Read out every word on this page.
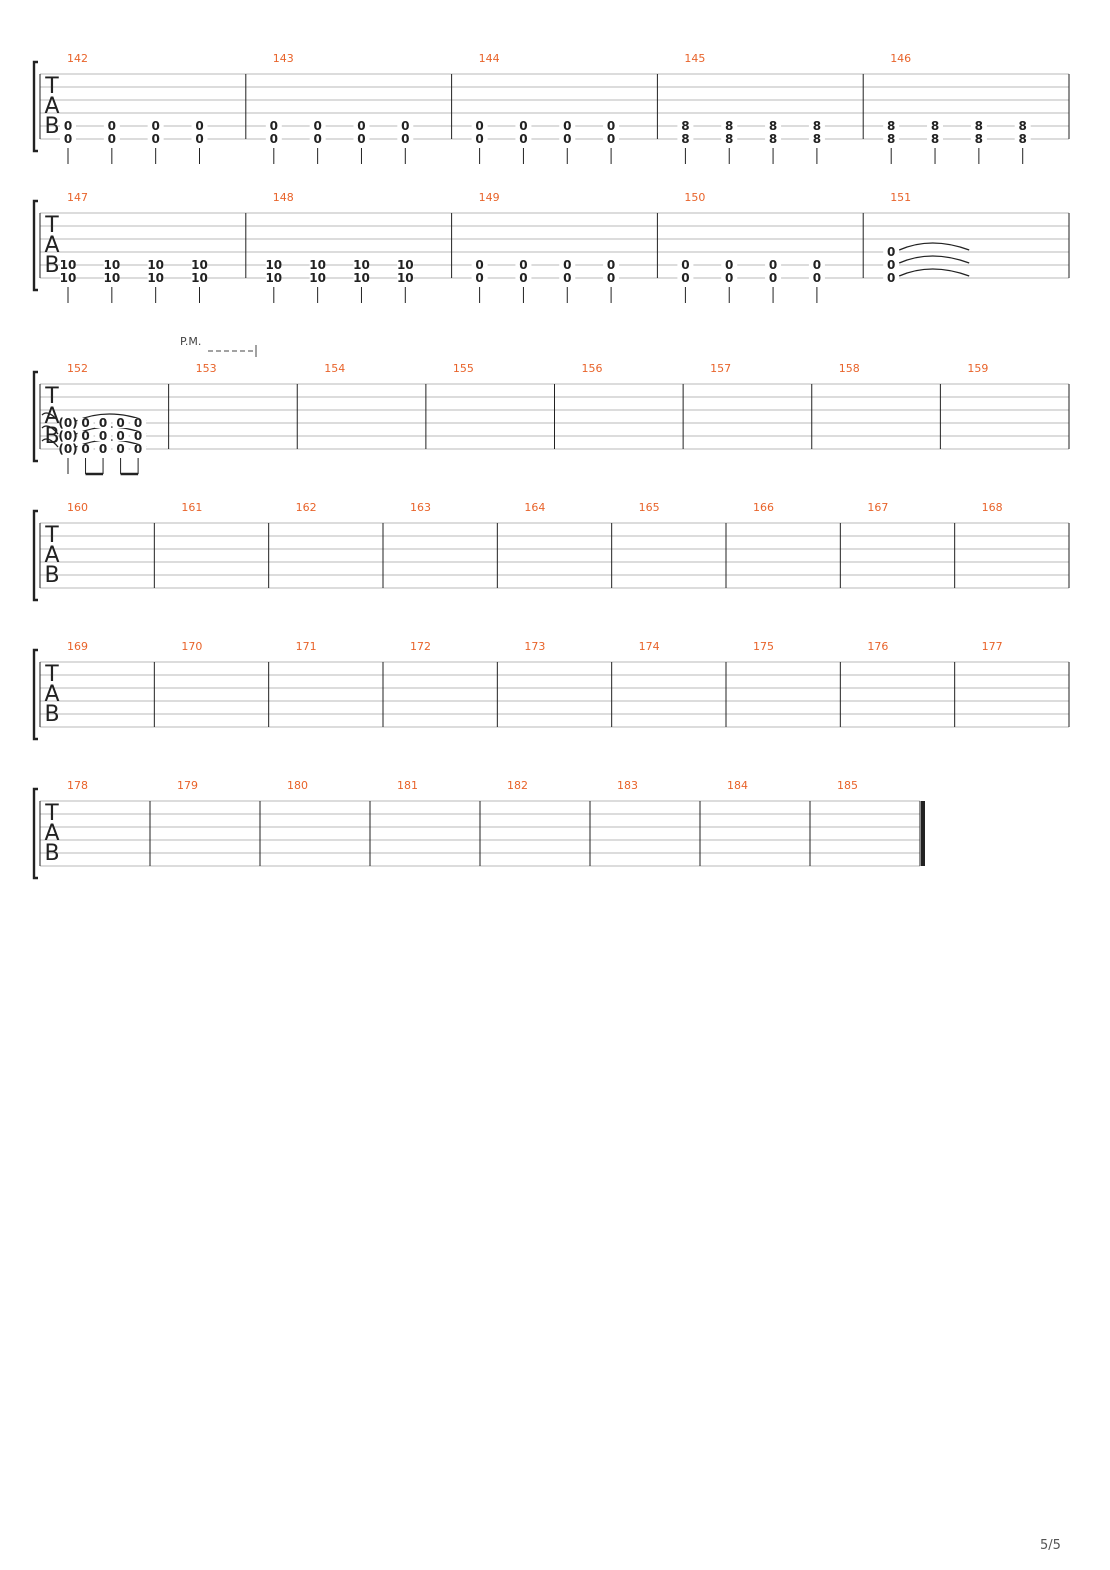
T
A
B
142
0
0
0
0
0
0
0
0
143
0
0
0
0
0
0
0
0
144
0
0
0
0
0
0
0
0
145
8
8
8
8
8
8
8
8
146
8
8
8
8
8
8
8
8
T
A
B
147
10
10
10
10
10
10
10
10
148
10
10
10
10
10
10
10
10
149
0
0
0
0
0
0
0
0
150
0
0
0
0
0
0
0
0
151
0
0
0
T
A
B
152
(0)
(0)
(0)
0
0
0
0
0
0
0
0
0
0
0
0
P.M.
153	154	155	156	157	158	159
T
A
B
160	161	162	163	164	165	166	167	168
T
A
B
169	170	171	172	173	174	175	176	177
T
A
B
178	179	180	181	182	183	184	185
5/5
